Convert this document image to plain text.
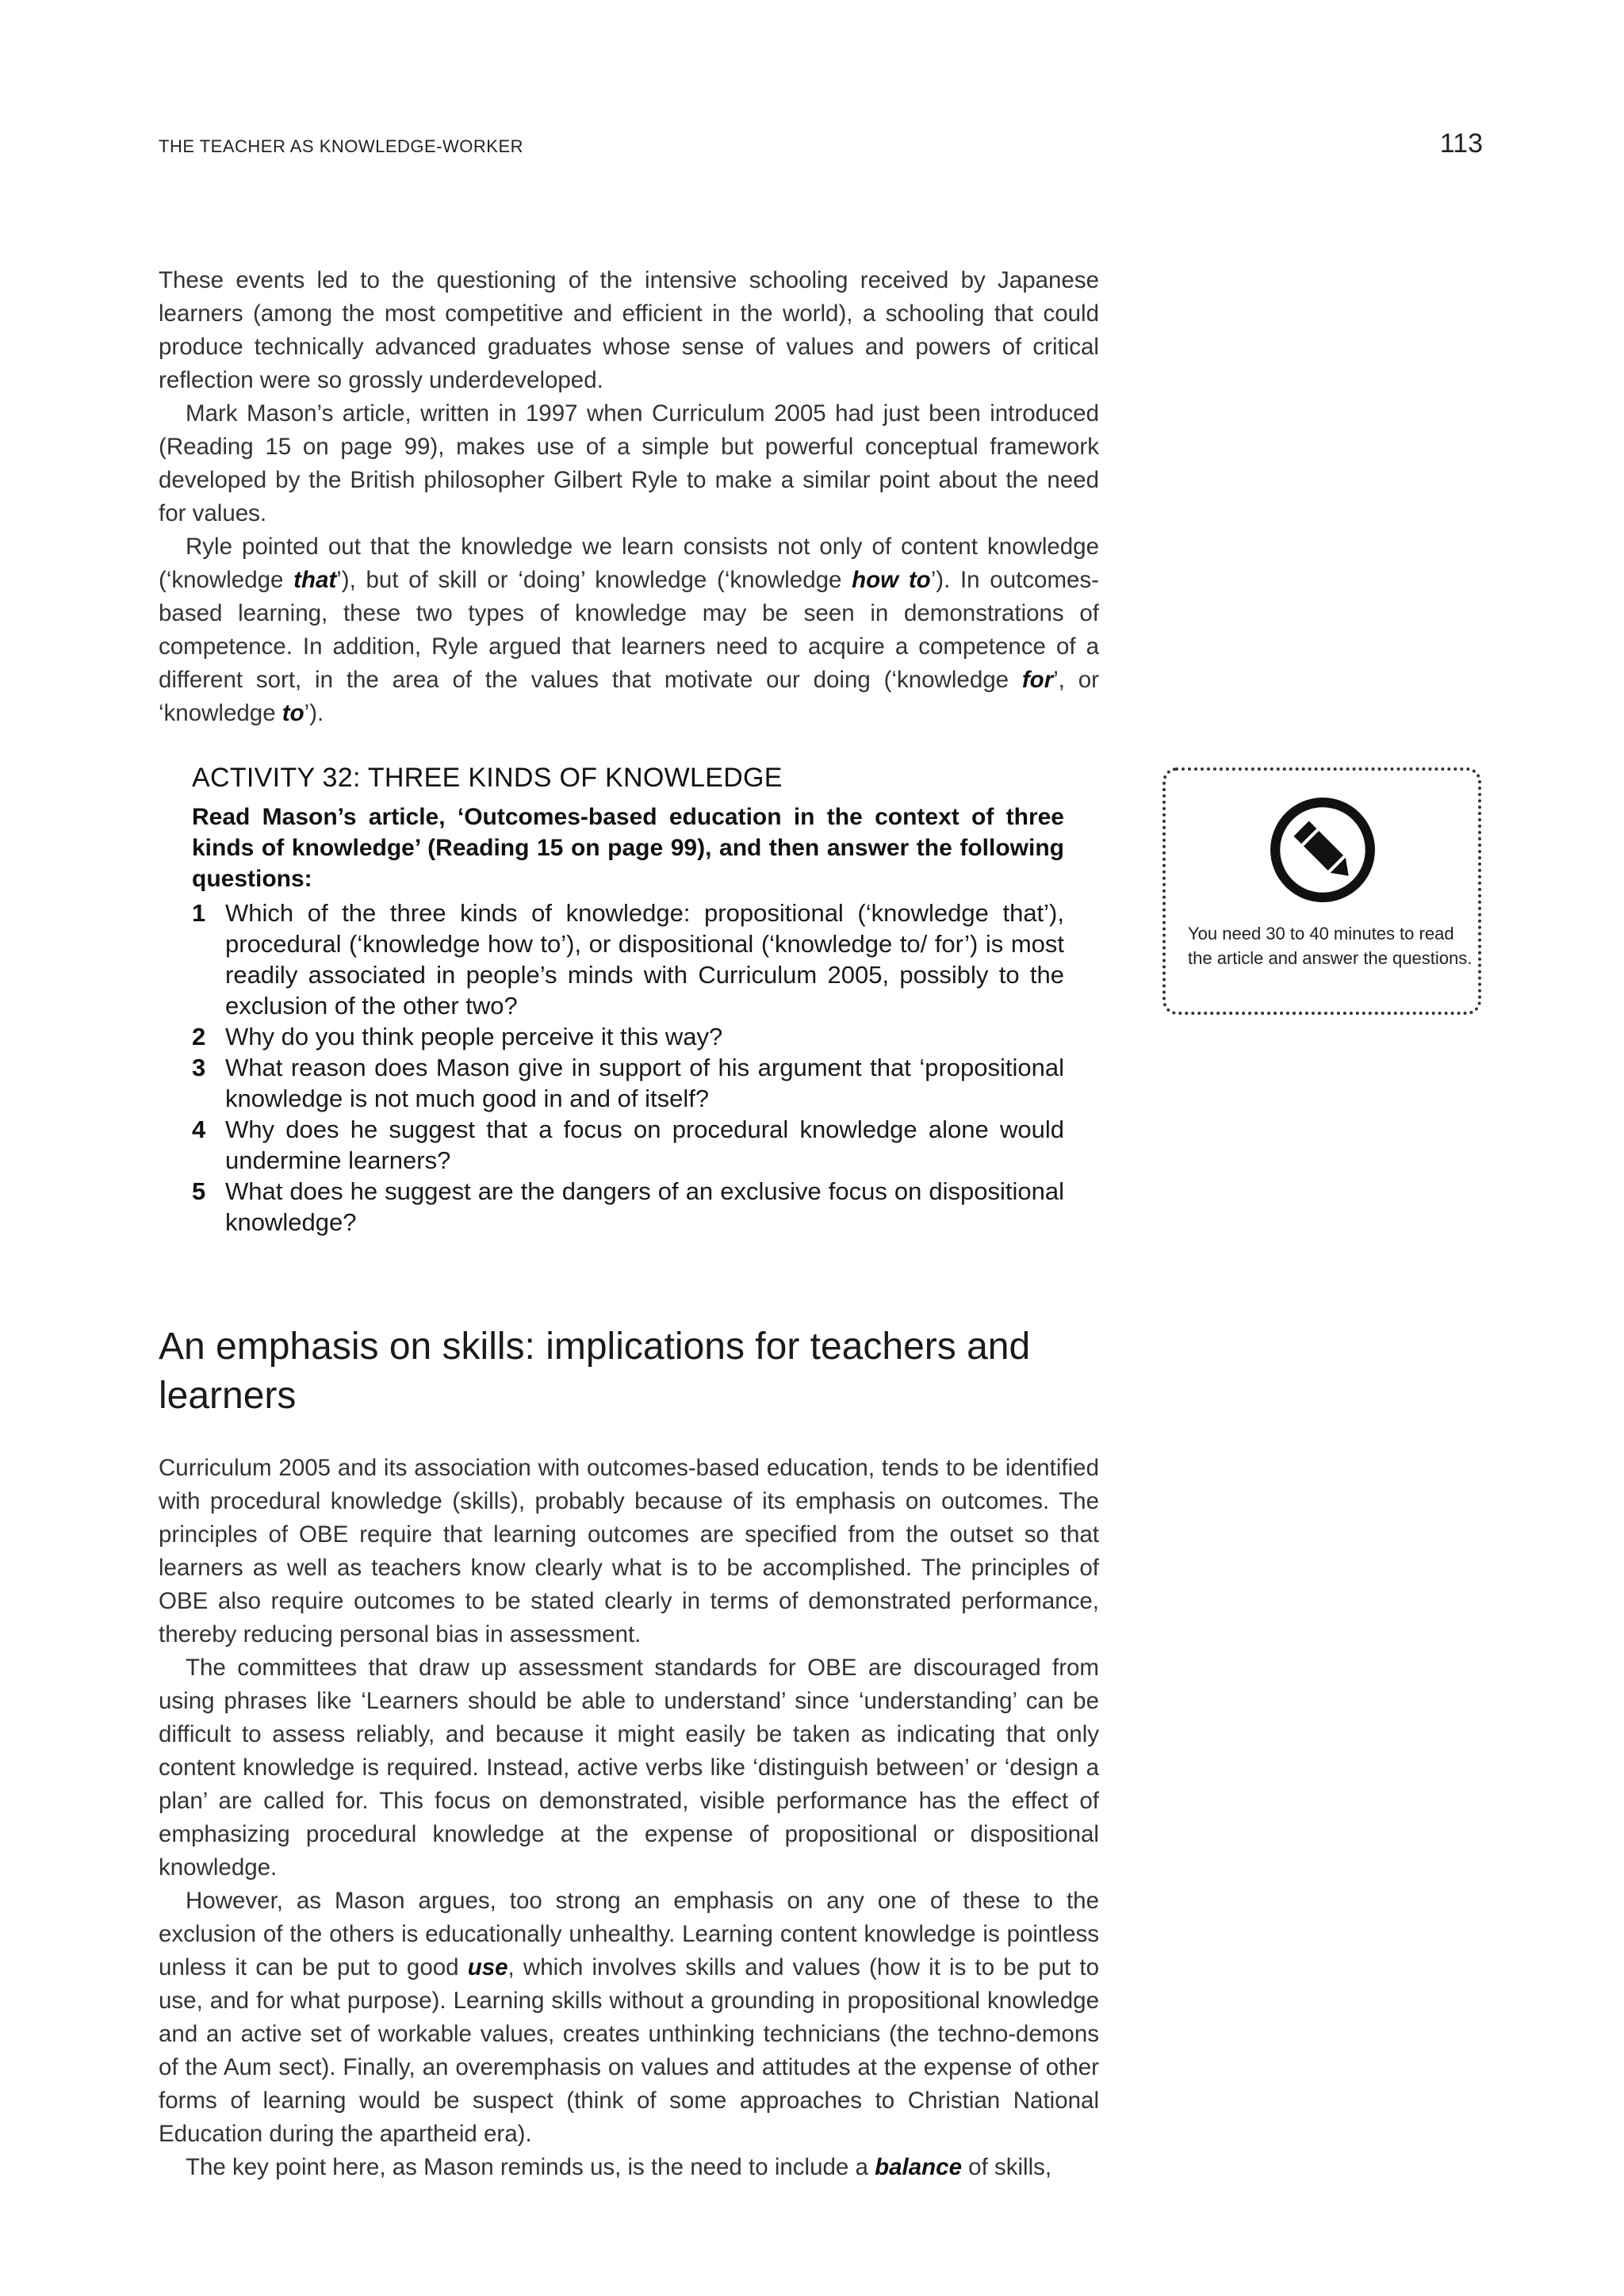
THE TEACHER AS KNOWLEDGE-WORKER	113

These events led to the questioning of the intensive schooling received by Japanese learners (among the most competitive and efficient in the world), a schooling that could produce technically advanced graduates whose sense of values and powers of critical reflection were so grossly underdeveloped.

Mark Mason’s article, written in 1997 when Curriculum 2005 had just been introduced (Reading 15 on page 99), makes use of a simple but powerful conceptual framework developed by the British philosopher Gilbert Ryle to make a similar point about the need for values.

Ryle pointed out that the knowledge we learn consists not only of content knowledge (‘knowledge that’), but of skill or ‘doing’ knowledge (‘knowledge how to’). In outcomes-based learning, these two types of knowledge may be seen in demonstrations of competence. In addition, Ryle argued that learners need to acquire a competence of a different sort, in the area of the values that motivate our doing (‘knowledge for’, or ‘knowledge to’).

ACTIVITY 32: THREE KINDS OF KNOWLEDGE

Read Mason’s article, ‘Outcomes-based education in the context of three kinds of knowledge’ (Reading 15 on page 99), and then answer the following questions:

1 Which of the three kinds of knowledge: propositional (‘knowledge that’), procedural (‘knowledge how to’), or dispositional (‘knowledge to/ for’) is most readily associated in people’s minds with Curriculum 2005, possibly to the exclusion of the other two?
2 Why do you think people perceive it this way?
3 What reason does Mason give in support of his argument that ‘propositional knowledge is not much good in and of itself?
4 Why does he suggest that a focus on procedural knowledge alone would undermine learners?
5 What does he suggest are the dangers of an exclusive focus on dispositional knowledge?
You need 30 to 40 minutes to read the article and answer the questions.
An emphasis on skills: implications for teachers and learners

Curriculum 2005 and its association with outcomes-based education, tends to be identified with procedural knowledge (skills), probably because of its emphasis on outcomes. The principles of OBE require that learning outcomes are specified from the outset so that learners as well as teachers know clearly what is to be accomplished. The principles of OBE also require outcomes to be stated clearly in terms of demonstrated performance, thereby reducing personal bias in assessment.

The committees that draw up assessment standards for OBE are discouraged from using phrases like ‘Learners should be able to understand’ since ‘understanding’ can be difficult to assess reliably, and because it might easily be taken as indicating that only content knowledge is required. Instead, active verbs like ‘distinguish between’ or ‘design a plan’ are called for. This focus on demonstrated, visible performance has the effect of emphasizing procedural knowledge at the expense of propositional or dispositional knowledge.

However, as Mason argues, too strong an emphasis on any one of these to the exclusion of the others is educationally unhealthy. Learning content knowledge is pointless unless it can be put to good use, which involves skills and values (how it is to be put to use, and for what purpose). Learning skills without a grounding in propositional knowledge and an active set of workable values, creates unthinking technicians (the techno-demons of the Aum sect). Finally, an overemphasis on values and attitudes at the expense of other forms of learning would be suspect (think of some approaches to Christian National Education during the apartheid era).

The key point here, as Mason reminds us, is the need to include a balance of skills,
